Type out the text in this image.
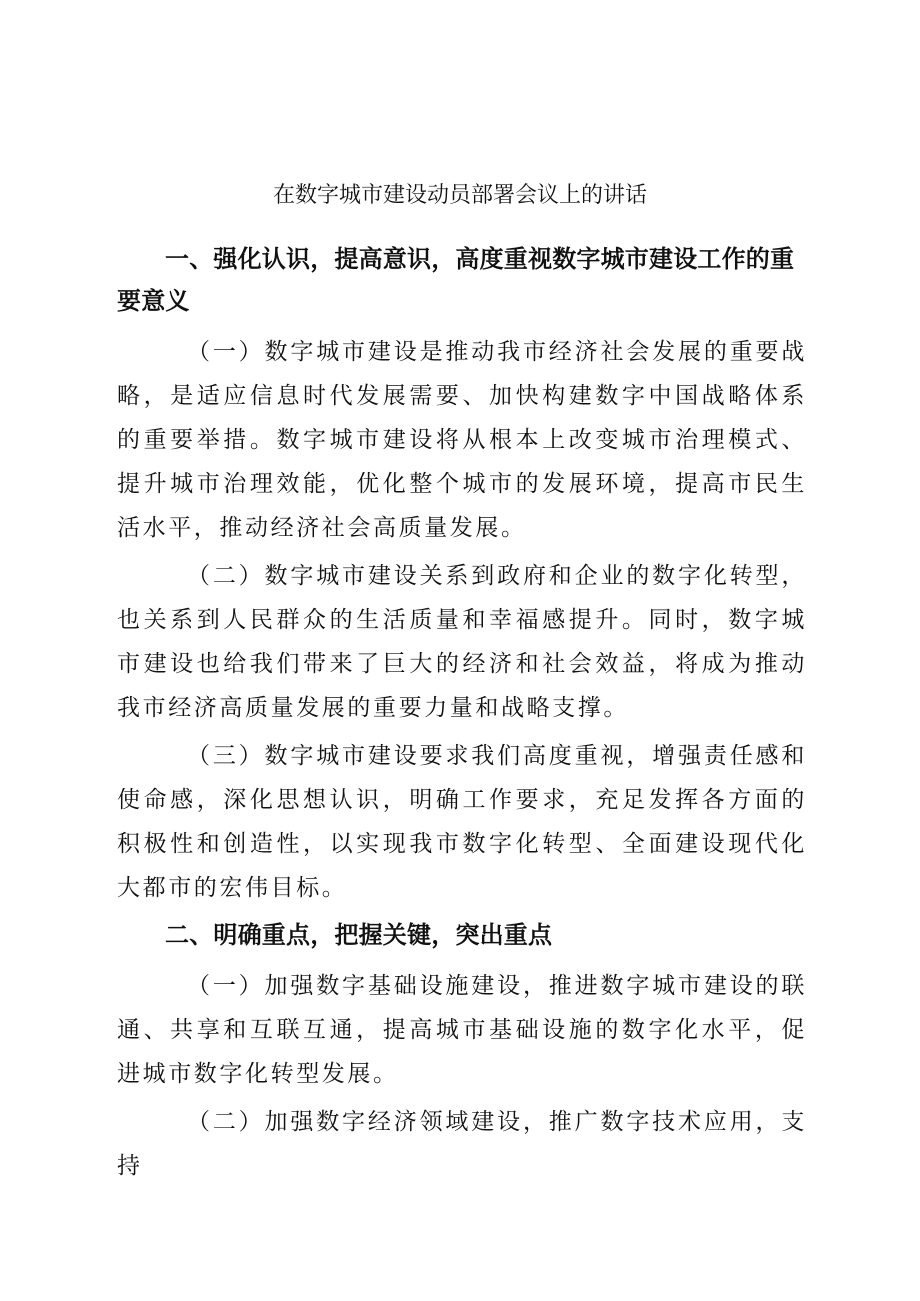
在数字城市建设动员部署会议上的讲话

一、强化认识，提高意识，高度重视数字城市建设工作的重要意义

（一）数字城市建设是推动我市经济社会发展的重要战略，是适应信息时代发展需要、加快构建数字中国战略体系的重要举措。数字城市建设将从根本上改变城市治理模式、提升城市治理效能，优化整个城市的发展环境，提高市民生活水平，推动经济社会高质量发展。

（二）数字城市建设关系到政府和企业的数字化转型，也关系到人民群众的生活质量和幸福感提升。同时，数字城市建设也给我们带来了巨大的经济和社会效益，将成为推动我市经济高质量发展的重要力量和战略支撑。

（三）数字城市建设要求我们高度重视，增强责任感和使命感，深化思想认识，明确工作要求，充足发挥各方面的积极性和创造性，以实现我市数字化转型、全面建设现代化大都市的宏伟目标。

二、明确重点，把握关键，突出重点

（一）加强数字基础设施建设，推进数字城市建设的联通、共享和互联互通，提高城市基础设施的数字化水平，促进城市数字化转型发展。

（二）加强数字经济领域建设，推广数字技术应用，支持
